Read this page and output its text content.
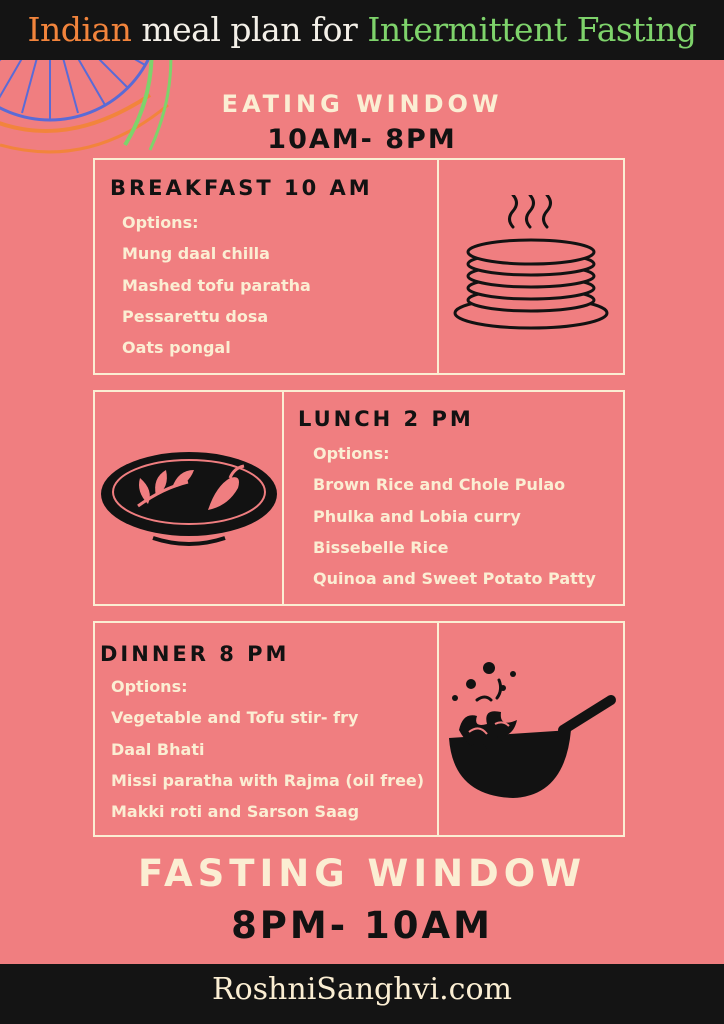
Indian meal plan for Intermittent Fasting
EATING WINDOW
10AM- 8PM
BREAKFAST 10 AM
Options:
Mung daal chilla
Mashed tofu paratha
Pessarettu dosa
Oats pongal
LUNCH 2 PM
Options:
Brown Rice and Chole Pulao
Phulka and Lobia curry
Bissebelle Rice
Quinoa and Sweet Potato Patty
DINNER 8 PM
Options:
Vegetable and Tofu stir- fry
Daal Bhati
Missi paratha with Rajma (oil free)
Makki roti and Sarson Saag
FASTING WINDOW
8PM- 10AM
RoshniSanghvi.com
